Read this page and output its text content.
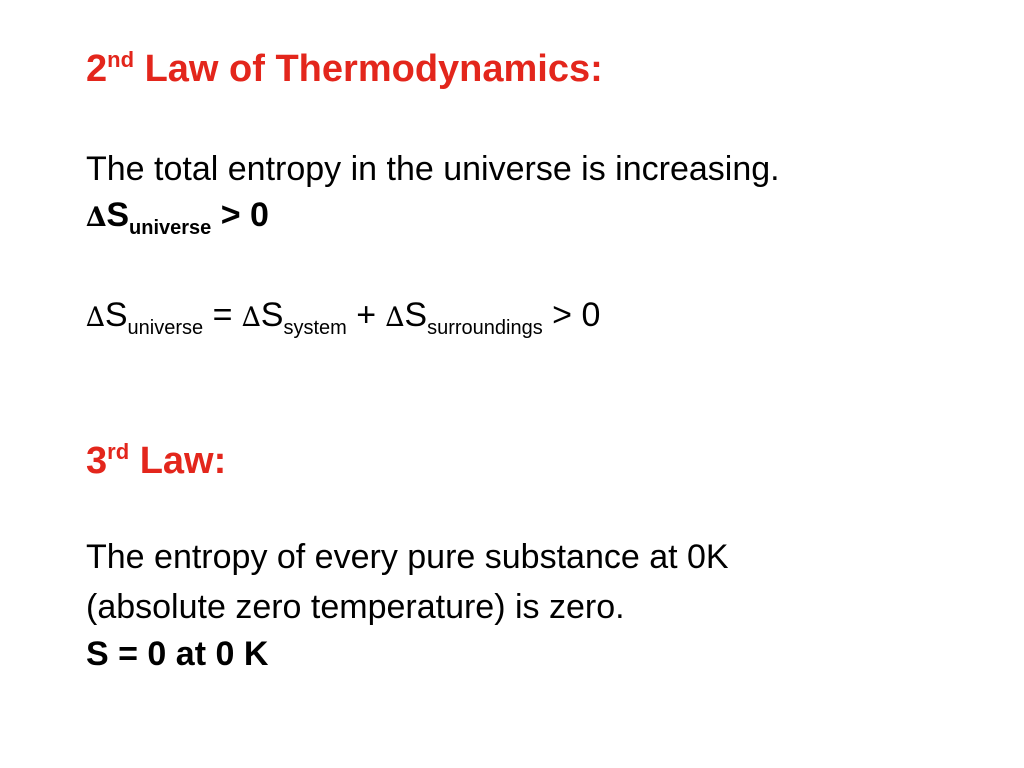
2nd Law of Thermodynamics:
The total entropy in the universe is increasing.
$\Delta S_{universe} > 0$
$\Delta S_{universe} = \Delta S_{system} + \Delta S_{surroundings} > 0$
3rd Law:
The entropy of every pure substance at 0K
(absolute zero temperature) is zero.
S = 0 at 0 K
